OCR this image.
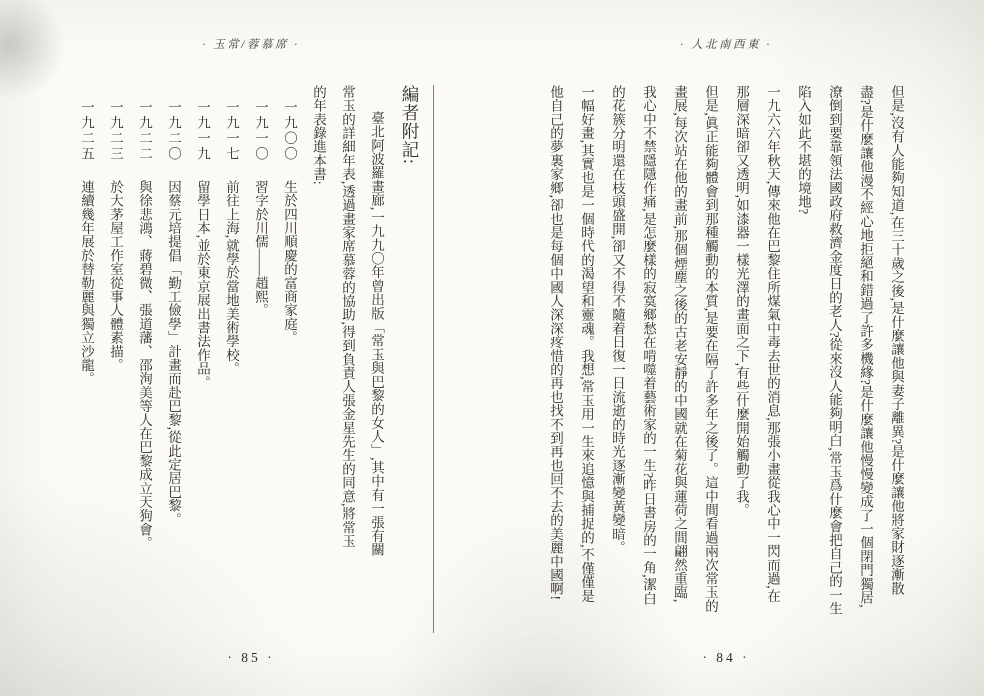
· 玉常/蓉慕席 ·
編者附記:
臺北阿波羅畫廊,一九九〇年曾出版「常玉與巴黎的女人」,其中有一張有關
常玉的詳細年表,透過畫家席慕蓉的協助,得到負責人張金星先生的同意,將常玉
的年表錄進本書:
一九〇〇生於四川順慶的富商家庭。
一九一〇習字於川儒——趙熙。
一九一七前往上海,就學於當地美術學校。
一九一九留學日本,並於東京展出書法作品。
一九二〇因蔡元培提倡「勤工儉學」計畫而赴巴黎,從此定居巴黎。
一九二二與徐悲鴻、蔣碧微、張道藩、邵洵美等人在巴黎成立天狗會。
一九二三於大茅屋工作室從事人體素描。
一九二五連續幾年展於替勒麗與獨立沙龍。
· 85 ·
· 人北南西東 ·
但是,沒有人能夠知道,在三十歲之後,是什麼讓他與妻子離異?是什麼讓他將家財逐漸散
盡?是什麼讓他漫不經心地拒絕和錯過了許多機緣?是什麼讓他慢慢變成了一個閉門獨居,
潦倒到要靠領法國政府救濟金度日的老人?從來沒人能夠明白,常玉爲什麼會把自己的一生
陷入如此不堪的境地?
一九六六年秋天,傳來他在巴黎住所煤氣中毒去世的消息,那張小畫從我心中一閃而過,在
那層深暗卻又透明,如漆器一樣光澤的畫面之下,有些什麼開始觸動了我。
但是,眞正能夠體會到那種觸動的本質,是要在隔了許多年之後了。這中間看過兩次常玉的
畫展,每次站在他的畫前,那個煙塵之後的古老安靜的中國就在菊花與蓮荷之間翩然重臨,
我心中不禁隱隱作痛,是怎麼樣的寂寞鄉愁在啃噬着藝術家的一生?昨日書房的一角,潔白
的花簇分明還在枝頭盛開,卻又不得不隨着日復一日流逝的時光逐漸變黃變暗。
一幅好畫,其實也是一個時代的渴望和靈魂。我想,常玉用一生來追憶與捕捉的,不僅僅是
他自己的夢裏家鄉,卻也是每個中國人深深疼惜的再也找不到再也回不去的美麗中國啊!
· 84 ·
